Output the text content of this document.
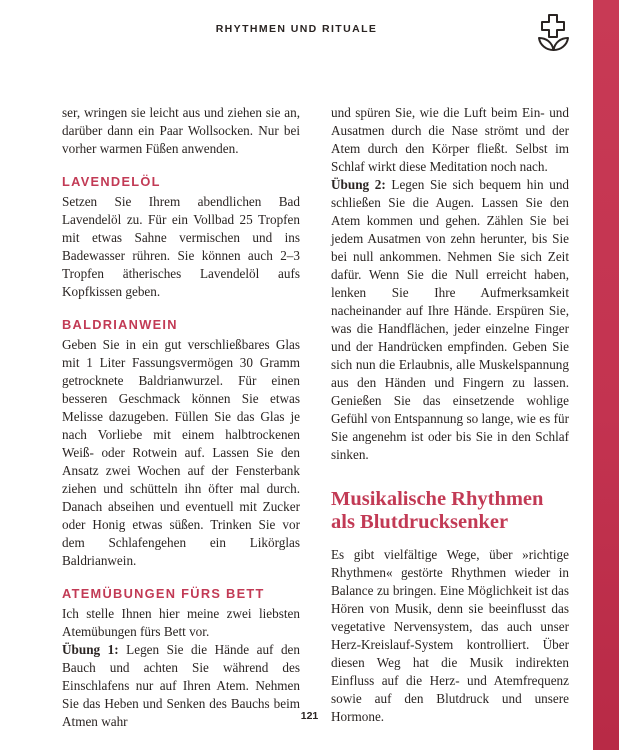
RHYTHMEN UND RITUALE

ser, wringen sie leicht aus und ziehen sie an, darüber dann ein Paar Wollsocken. Nur bei vorher warmen Füßen anwenden.

LAVENDELÖL

Setzen Sie Ihrem abendlichen Bad Lavendelöl zu. Für ein Vollbad 25 Tropfen mit etwas Sahne vermischen und ins Badewasser rühren. Sie können auch 2–3 Tropfen ätherisches Lavendelöl aufs Kopfkissen geben.

BALDRIANWEIN

Geben Sie in ein gut verschließbares Glas mit 1 Liter Fassungsvermögen 30 Gramm getrocknete Baldrianwurzel. Für einen besseren Geschmack können Sie etwas Melisse dazugeben. Füllen Sie das Glas je nach Vorliebe mit einem halbtrockenen Weiß- oder Rotwein auf. Lassen Sie den Ansatz zwei Wochen auf der Fensterbank ziehen und schütteln ihn öfter mal durch. Danach abseihen und eventuell mit Zucker oder Honig etwas süßen. Trinken Sie vor dem Schlafengehen ein Likörglas Baldrianwein.

ATEMÜBUNGEN FÜRS BETT

Ich stelle Ihnen hier meine zwei liebsten Atemübungen fürs Bett vor.

Übung 1: Legen Sie die Hände auf den Bauch und achten Sie während des Einschlafens nur auf Ihren Atem. Nehmen Sie das Heben und Senken des Bauchs beim Atmen wahr

und spüren Sie, wie die Luft beim Ein- und Ausatmen durch die Nase strömt und der Atem durch den Körper fließt. Selbst im Schlaf wirkt diese Meditation noch nach.

Übung 2: Legen Sie sich bequem hin und schließen Sie die Augen. Lassen Sie den Atem kommen und gehen. Zählen Sie bei jedem Ausatmen von zehn herunter, bis Sie bei null ankommen. Nehmen Sie sich Zeit dafür. Wenn Sie die Null erreicht haben, lenken Sie Ihre Aufmerksamkeit nacheinander auf Ihre Hände. Erspüren Sie, was die Handflächen, jeder einzelne Finger und der Handrücken empfinden. Geben Sie sich nun die Erlaubnis, alle Muskelspannung aus den Händen und Fingern zu lassen. Genießen Sie das einsetzende wohlige Gefühl von Entspannung so lange, wie es für Sie angenehm ist oder bis Sie in den Schlaf sinken.

Musikalische Rhythmen als Blutdrucksenker

Es gibt vielfältige Wege, über »richtige Rhythmen« gestörte Rhythmen wieder in Balance zu bringen. Eine Möglichkeit ist das Hören von Musik, denn sie beeinflusst das vegetative Nervensystem, das auch unser Herz-Kreislauf-System kontrolliert. Über diesen Weg hat die Musik indirekten Einfluss auf die Herz- und Atemfrequenz sowie auf den Blutdruck und unsere Hormone.

121
